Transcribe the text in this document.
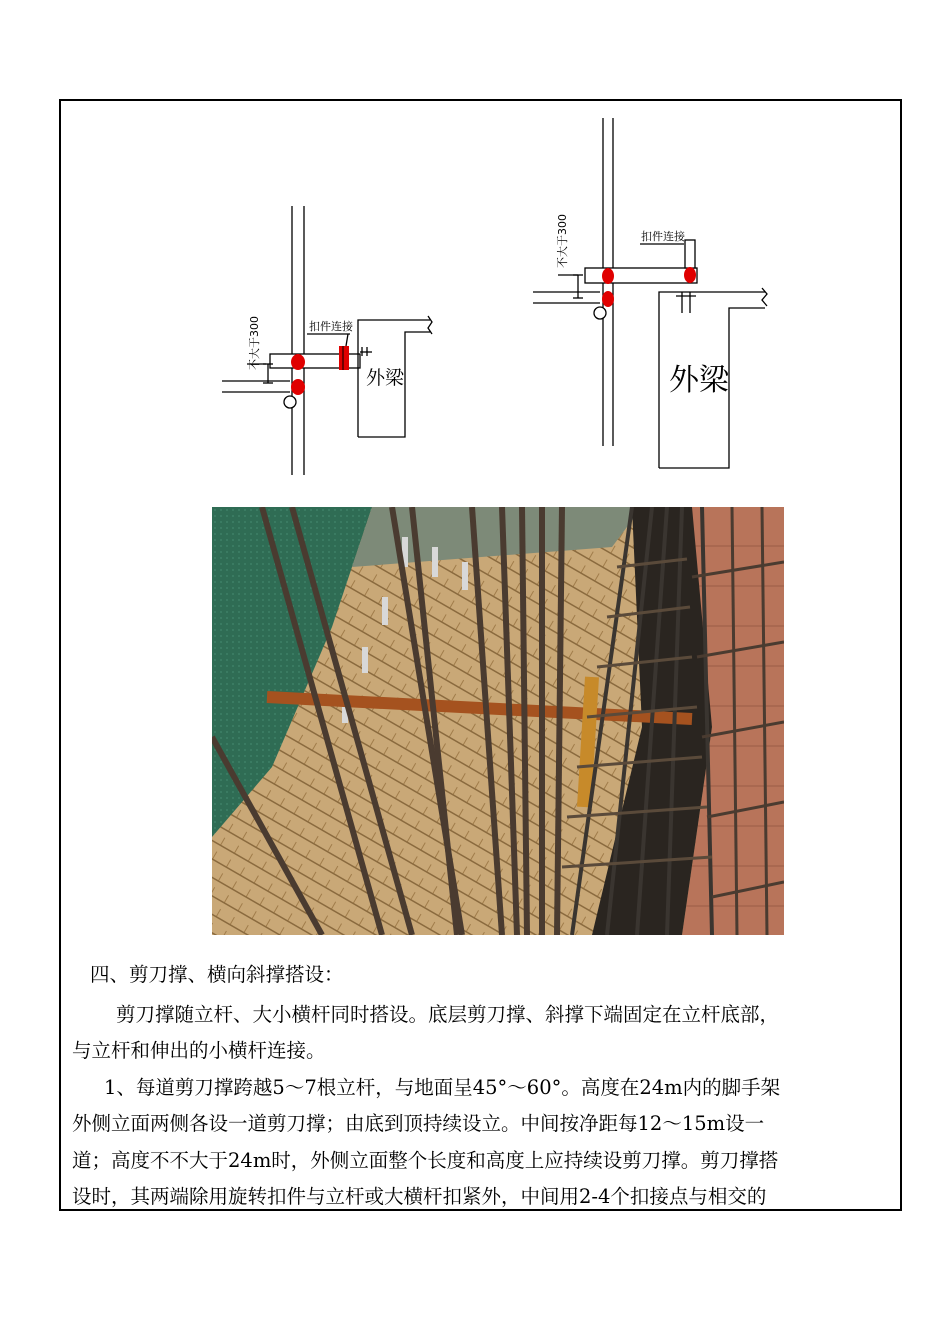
扣件连接
不大于300
外梁
扣件连接
不大于300
外梁
四、剪刀撑、横向斜撑搭设：
剪刀撑随立杆、大小横杆同时搭设。底层剪刀撑、斜撑下端固定在立杆底部，
与立杆和伸出的小横杆连接。
1、每道剪刀撑跨越5～7根立杆，与地面呈45°～60°。高度在24m内的脚手架
外侧立面两侧各设一道剪刀撑；由底到顶持续设立。中间按净距每12～15m设一
道；高度不不大于24m时，外侧立面整个长度和高度上应持续设剪刀撑。剪刀撑搭
设时，其两端除用旋转扣件与立杆或大横杆扣紧外，中间用2-4个扣接点与相交的
